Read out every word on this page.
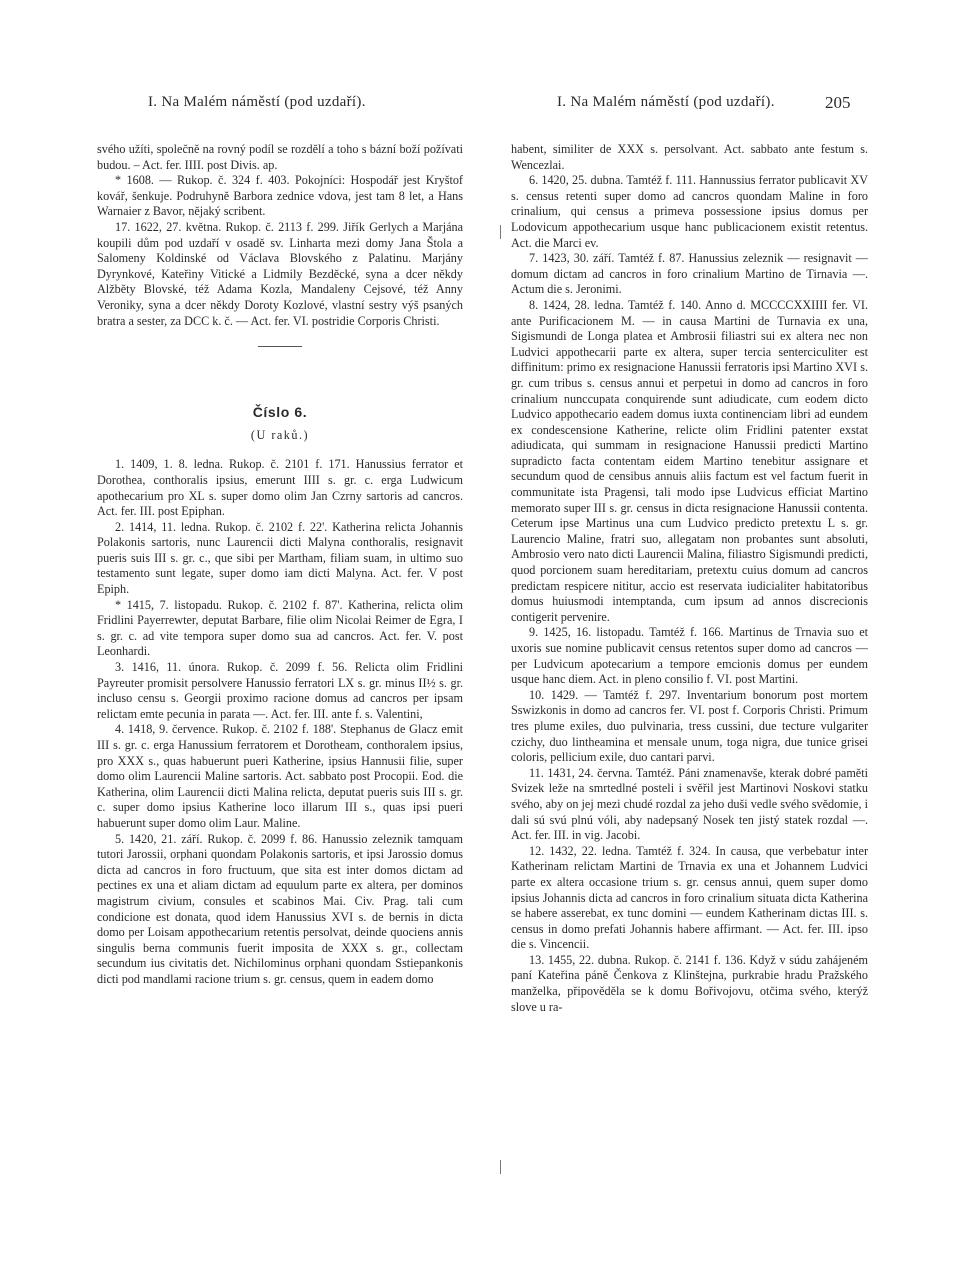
I. Na Malém náměstí (pod uzdaří).	I. Na Malém náměstí (pod uzdaří).	205

svého užíti, společně na rovný podíl se rozdělí a toho s bázní boží požívati budou. – Act. fer. IIII. post Divis. ap.

* 1608. — Rukop. č. 324 f. 403. Pokojníci: Hospodář jest Kryštof kovář, šenkuje. Podruhyně Barbora zednice vdova, jest tam 8 let, a Hans Warnaier z Bavor, nějaký scribent.

17. 1622, 27. května. Rukop. č. 2113 f. 299. Jiřík Gerlych a Marjána koupili dům pod uzdaří v osadě sv. Linharta mezi domy Jana Štola a Salomeny Koldinské od Václava Blovského z Palatinu. Marjány Dyrynkové, Kateřiny Vitické a Lidmily Bezděcké, syna a dcer někdy Alžběty Blovské, též Adama Kozla, Mandaleny Cejsové, též Anny Veroniky, syna a dcer někdy Doroty Kozlové, vlastní sestry výš psaných bratra a sester, za DCC k. č. — Act. fer. VI. postridie Corporis Christi.

Číslo 6.
(U raků.)

1. 1409, 1. 8. ledna. Rukop. č. 2101 f. 171. Hanussius ferrator et Dorothea, conthoralis ipsius, emerunt IIII s. gr. c. erga Ludwicum apothecarium pro XL s. super domo olim Jan Czrny sartoris ad cancros. Act. fer. III. post Epiphan.

2. 1414, 11. ledna. Rukop. č. 2102 f. 22'. Katherina relicta Johannis Polakonis sartoris, nunc Laurencii dicti Malyna conthoralis, resignavit pueris suis III s. gr. c., que sibi per Martham, filiam suam, in ultimo suo testamento sunt legate, super domo iam dicti Malyna. Act. fer. V post Epiph.

* 1415, 7. listopadu. Rukop. č. 2102 f. 87'. Katherina, relicta olim Fridlini Payerrewter, deputat Barbare, filie olim Nicolai Reimer de Egra, I s. gr. c. ad vite tempora super domo sua ad cancros. Act. fer. V. post Leonhardi.

3. 1416, 11. února. Rukop. č. 2099 f. 56. Relicta olim Fridlini Payreuter promisit persolvere Hanussio ferratori LX s. gr. minus II½ s. gr. incluso censu s. Georgii proximo racione domus ad cancros per ipsam relictam emte pecunia in parata —. Act. fer. III. ante f. s. Valentini,

4. 1418, 9. července. Rukop. č. 2102 f. 188'. Stephanus de Glacz emit III s. gr. c. erga Hanussium ferratorem et Dorotheam, conthoralem ipsius, pro XXX s., quas habuerunt pueri Katherine, ipsius Hannusii filie, super domo olim Laurencii Maline sartoris. Act. sabbato post Procopii. Eod. die Katherina, olim Laurencii dicti Malina relicta, deputat pueris suis III s. gr. c. super domo ipsius Katherine loco illarum III s., quas ipsi pueri habuerunt super domo olim Laur. Maline.

5. 1420, 21. září. Rukop. č. 2099 f. 86. Hanussio zeleznik tamquam tutori Jarossii, orphani quondam Polakonis sartoris, et ipsi Jarossio domus dicta ad cancros in foro fructuum, que sita est inter domos dictam ad pectines ex una et aliam dictam ad equulum parte ex altera, per dominos magistrum civium, consules et scabinos Mai. Civ. Prag. tali cum condicione est donata, quod idem Hanussius XVI s. de bernis in dicta domo per Loisam appothecarium retentis persolvat, deinde quociens annis singulis berna communis fuerit imposita de XXX s. gr., collectam secundum ius civitatis det. Nichilominus orphani quondam Sstiepankonis dicti pod mandlami racione trium s. gr. census, quem in eadem domo

habent, similiter de XXX s. persolvant. Act. sabbato ante festum s. Wencezlai.

6. 1420, 25. dubna. Tamtéž f. 111. Hannussius ferrator publicavit XV s. census retenti super domo ad cancros quondam Maline in foro crinalium, qui census a primeva possessione ipsius domus per Lodovicum appothecarium usque hanc publicacionem existit retentus. Act. die Marci ev.

7. 1423, 30. září. Tamtéž f. 87. Hanussius zeleznik — resignavit — domum dictam ad cancros in foro crinalium Martino de Tirnavia —. Actum die s. Jeronimi.

8. 1424, 28. ledna. Tamtéž f. 140. Anno d. MCCCCXXIIII fer. VI. ante Purificacionem M. — in causa Martini de Turnavia ex una, Sigismundi de Longa platea et Ambrosii filiastri sui ex altera nec non Ludvici appothecarii parte ex altera, super tercia senterciculiter est diffinitum: primo ex resignacione Hanussii ferratoris ipsi Martino XVI s. gr. cum tribus s. census annui et perpetui in domo ad cancros in foro crinalium nunccupata conquirende sunt adiudicate, cum eodem dicto Ludvico appothecario eadem domus iuxta continenciam libri ad eundem ex condescensione Katherine, relicte olim Fridlini patenter exstat adiudicata, qui summam in resignacione Hanussii predicti Martino supradicto facta contentam eidem Martino tenebitur assignare et secundum quod de censibus annuis aliis factum est vel factum fuerit in communitate ista Pragensi, tali modo ipse Ludvicus efficiat Martino memorato super III s. gr. census in dicta resignacione Hanussii contenta. Ceterum ipse Martinus una cum Ludvico predicto pretextu L s. gr. Laurencio Maline, fratri suo, allegatam non probantes sunt absoluti, Ambrosio vero nato dicti Laurencii Malina, filiastro Sigismundi predicti, quod porcionem suam hereditariam, pretextu cuius domum ad cancros predictam respicere nititur, accio est reservata iudicialiter habitatoribus domus huiusmodi intemptanda, cum ipsum ad annos discrecionis contigerit pervenire.

9. 1425, 16. listopadu. Tamtéž f. 166. Martinus de Trnavia suo et uxoris sue nomine publicavit census retentos super domo ad cancros — per Ludvicum apotecarium a tempore emcionis domus per eundem usque hanc diem. Act. in pleno consilio f. VI. post Martini.

10. 1429. — Tamtéž f. 297. Inventarium bonorum post mortem Sswizkonis in domo ad cancros fer. VI. post f. Corporis Christi. Primum tres plume exiles, duo pulvinaria, tress cussini, due tecture vulgariter czichy, duo lintheamina et mensale unum, toga nigra, due tunice grisei coloris, pellicium exile, duo cantari parvi.

11. 1431, 24. června. Tamtéž. Páni znamenavše, kterak dobré paměti Svizek leže na smrtedlné posteli i svěřil jest Martinovi Noskovi statku svého, aby on jej mezi chudé rozdal za jeho duši vedle svého svědomie, i dali sú svú plnú vóli, aby nadepsaný Nosek ten jistý statek rozdal —. Act. fer. III. in vig. Jacobi.

12. 1432, 22. ledna. Tamtéž f. 324. In causa, que verbebatur inter Katherinam relictam Martini de Trnavia ex una et Johannem Ludvici parte ex altera occasione trium s. gr. census annui, quem super domo ipsius Johannis dicta ad cancros in foro crinalium situata dicta Katherina se habere asserebat, ex tunc domini — eundem Katherinam dictas III. s. census in domo prefati Johannis habere affirmant. — Act. fer. III. ipso die s. Vincencii.

13. 1455, 22. dubna. Rukop. č. 2141 f. 136. Když v súdu zahájeném paní Kateřina páně Čenkova z Klinštejna, purkrabie hradu Pražského manželka, připověděla se k domu Bořivojovu, otčima svého, kterýž slove u ra-
